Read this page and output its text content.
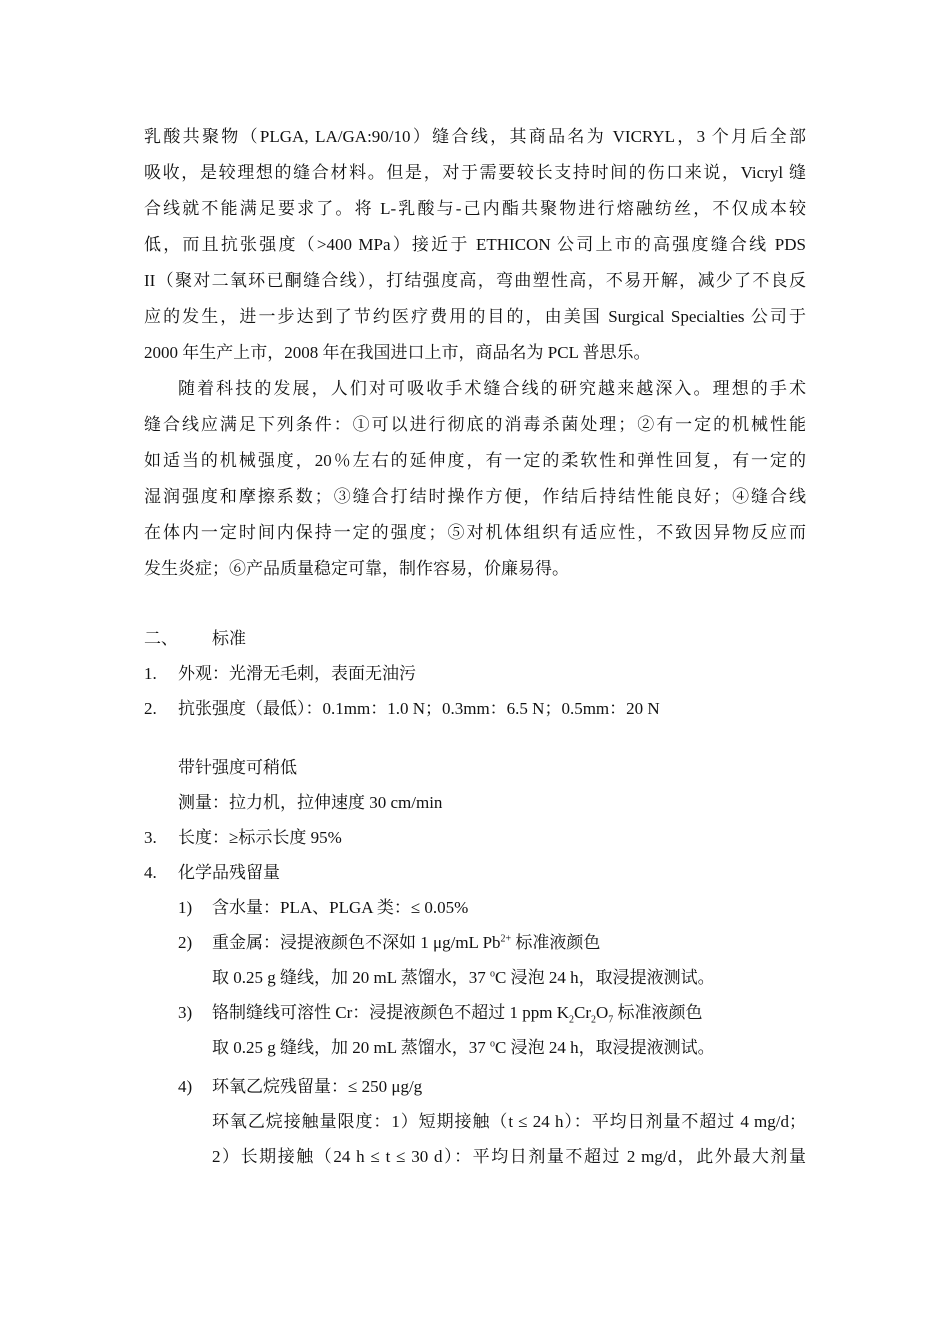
乳酸共聚物（PLGA, LA/GA:90/10）缝合线，其商品名为 VICRYL，3 个月后全部
吸收，是较理想的缝合材料。但是，对于需要较长支持时间的伤口来说，Vicryl 缝
合线就不能满足要求了。将 L-乳酸与-己内酯共聚物进行熔融纺丝，不仅成本较
低，而且抗张强度（>400 MPa）接近于 ETHICON 公司上市的高强度缝合线 PDS
II（聚对二氧环已酮缝合线），打结强度高，弯曲塑性高，不易开解，减少了不良反
应的发生，进一步达到了节约医疗费用的目的，由美国 Surgical Specialties 公司于
2000 年生产上市，2008 年在我国进口上市，商品名为 PCL 普思乐。
随着科技的发展，人们对可吸收手术缝合线的研究越来越深入。理想的手术
缝合线应满足下列条件：①可以进行彻底的消毒杀菌处理；②有一定的机械性能
如适当的机械强度，20％左右的延伸度，有一定的柔软性和弹性回复，有一定的
湿润强度和摩擦系数；③缝合打结时操作方便，作结后持结性能良好；④缝合线
在体内一定时间内保持一定的强度；⑤对机体组织有适应性，不致因异物反应而
发生炎症；⑥产品质量稳定可靠，制作容易，价廉易得。
二、 标准
1. 外观：光滑无毛刺，表面无油污
2. 抗张强度（最低）：0.1mm：1.0 N；0.3mm：6.5 N；0.5mm：20 N
带针强度可稍低
测量：拉力机，拉伸速度 30 cm/min
3. 长度：≥标示长度 95%
4. 化学品残留量
1) 含水量：PLA、PLGA 类：≤ 0.05%
2) 重金属：浸提液颜色不深如 1 μg/mL $Pb^{2+}$ 标准液颜色
取 0.25 g 缝线，加 20 mL 蒸馏水，37 $^o$C 浸泡 24 h，取浸提液测试。
3) 铬制缝线可溶性 Cr：浸提液颜色不超过 1 ppm $K_2Cr_2O_7$ 标准液颜色
取 0.25 g 缝线，加 20 mL 蒸馏水，37 $^o$C 浸泡 24 h，取浸提液测试。
4) 环氧乙烷残留量：≤ 250 μg/g
环氧乙烷接触量限度：1）短期接触（t ≤ 24 h）：平均日剂量不超过 4 mg/d；
2）长期接触（24 h ≤ t ≤ 30 d）：平均日剂量不超过 2 mg/d，此外最大剂量
